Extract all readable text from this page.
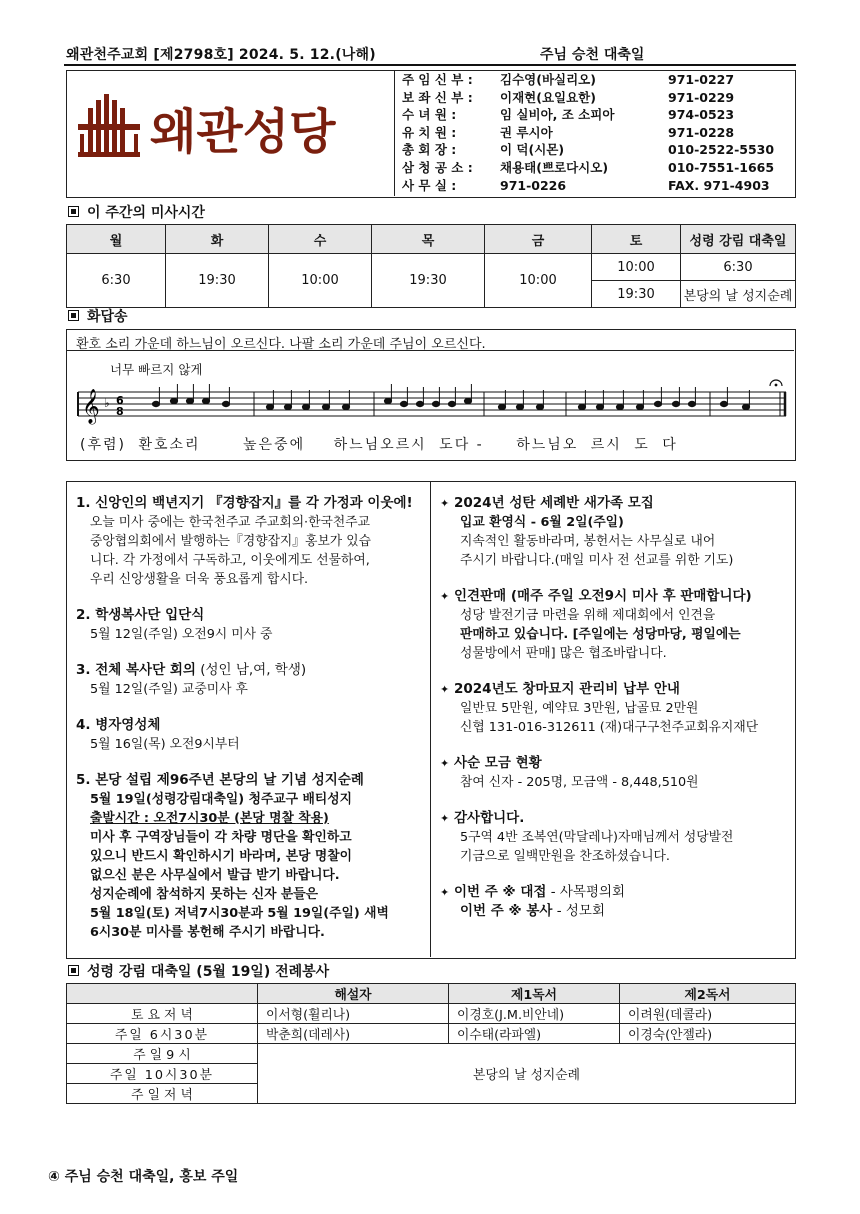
왜관천주교회 [제2798호] 2024. 5. 12.(나해)	주님 승천 대축일
왜관성당
주 임 신 부 :	김수영(바실리오)	971-0227
보 좌 신 부 :	이재현(요일요한)	971-0229
수 녀 원 :	임 실비아, 조 소피아	974-0523
유 치 원 :	권 루시아	971-0228
총 회 장 :	이 덕(시몬)	010-2522-5530
삼 청 공 소 :	채용태(쁘로다시오)	010-7551-1665
사 무 실 :	971-0226	FAX. 971-4903
이 주간의 미사시간
월	화	수	목	금	토	성령 강림 대축일
6:30	19:30	10:00	19:30	10:00	10:00	6:30
					19:30	본당의 날 성지순례
화답송
환호 소리 가운데 하느님이 오르신다. 나팔 소리 가운데 주님이 오르신다.
너무 빠르지 않게
𝄞 ♭ 6
8
(후렴) 환호소리	높은중에 하느님오르시 도다 - 하느님오 르시 도 다
1. 신앙인의 백년지기 『경향잡지』를 각 가정과 이웃에!
오늘 미사 중에는 한국천주교 주교회의·한국천주교
중앙협의회에서 발행하는『경향잡지』홍보가 있습
니다. 각 가정에서 구독하고, 이웃에게도 선물하여,
우리 신앙생활을 더욱 풍요롭게 합시다.
2. 학생복사단 입단식
5월 12일(주일) 오전9시 미사 중
3. 전체 복사단 회의 (성인 남,여, 학생)
5월 12일(주일) 교중미사 후
4. 병자영성체
5월 16일(목) 오전9시부터
5. 본당 설립 제96주년 본당의 날 기념 성지순례
5월 19일(성령강림대축일) 청주교구 배티성지
출발시간 : 오전7시30분 (본당 명찰 착용)
미사 후 구역장님들이 각 차량 명단을 확인하고
있으니 반드시 확인하시기 바라며, 본당 명찰이
없으신 분은 사무실에서 발급 받기 바랍니다.
성지순례에 참석하지 못하는 신자 분들은
5월 18일(토) 저녁7시30분과 5월 19일(주일) 새벽
6시30분 미사를 봉헌해 주시기 바랍니다.
✦ 2024년 성탄 세례반 새가족 모집
입교 환영식 - 6월 2일(주일)
지속적인 활동바라며, 봉헌서는 사무실로 내어
주시기 바랍니다.(매일 미사 전 선교를 위한 기도)
✦ 인견판매 (매주 주일 오전9시 미사 후 판매합니다)
성당 발전기금 마련을 위해 제대회에서 인견을
판매하고 있습니다. [주일에는 성당마당, 평일에는
성물방에서 판매] 많은 협조바랍니다.
✦ 2024년도 창마묘지 관리비 납부 안내
일반묘 5만원, 예약묘 3만원, 납골묘 2만원
신협 131-016-312611 (재)대구구천주교회유지재단
✦ 사순 모금 현황
참여 신자 - 205명, 모금액 - 8,448,510원
✦ 감사합니다.
5구역 4반 조복연(막달레나)자매님께서 성당발전
기금으로 일백만원을 찬조하셨습니다.
✦ 이번 주 ※ 대접 - 사목평의회
이번 주 ※ 봉사 - 성모회
성령 강림 대축일 (5월 19일) 전례봉사
	해설자	제1독서	제2독서
토 요 저 녁	이서형(휠리나)	이경호(J.M.비안네)	이려원(데콜라)
주일 6시30분	박춘희(데레사)	이수태(라파엘)	이경숙(안젤라)
주 일 9 시	본당의 날 성지순례		
주일 10시30분			
주 일 저 녁			
④ 주님 승천 대축일, 홍보 주일
